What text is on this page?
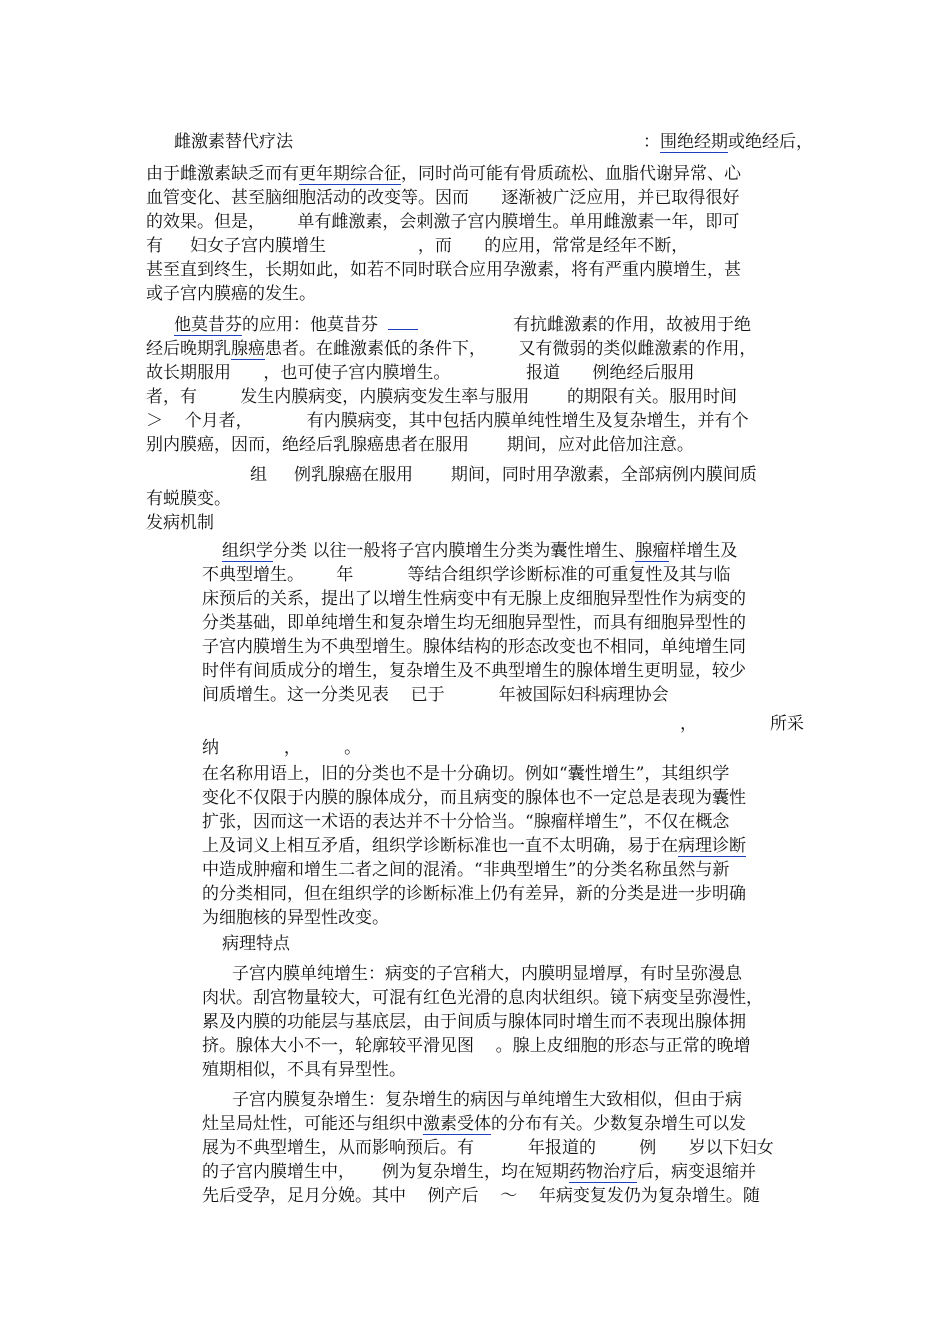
雌激素替代疗法	：围绝经期或绝经后，
由于雌激素缺乏而有更年期综合征，同时尚可能有骨质疏松、血脂代谢异常、心
血管变化、甚至脑细胞活动的改变等。因而      逐渐被广泛应用，并已取得很好
的效果。但是，      单有雌激素，会刺激子宫内膜增生。单用雌激素一年，即可
有     妇女子宫内膜增生                 ，而      的应用，常常是经年不断，
甚至直到终生，长期如此，如若不同时联合应用孕激素，将有严重内膜增生，甚
或子宫内膜癌的发生。
他莫昔芬的应用：他莫昔芬	有抗雌激素的作用，故被用于绝
经后晚期乳腺癌患者。在雌激素低的条件下，      又有微弱的类似雌激素的作用，
故长期服用      ，也可使子宫内膜增生。              报道      例绝经后服用
者，有        发生内膜病变，内膜病变发生率与服用       的期限有关。服用时间
＞    个月者，          有内膜病变，其中包括内膜单纯性增生及复杂增生，并有个
别内膜癌，因而，绝经后乳腺癌患者在服用       期间，应对此倍加注意。
组     例乳腺癌在服用       期间，同时用孕激素，全部病例内膜间质
有蜕膜变。
发病机制
组织学分类 以往一般将子宫内膜增生分类为囊性增生、腺瘤样增生及
不典型增生。      年          等结合组织学诊断标准的可重复性及其与临
床预后的关系，提出了以增生性病变中有无腺上皮细胞异型性作为病变的
分类基础，即单纯增生和复杂增生均无细胞异型性，而具有细胞异型性的
子宫内膜增生为不典型增生。腺体结构的形态改变也不相同，单纯增生同
时伴有间质成分的增生，复杂增生及不典型增生的腺体增生更明显，较少
间质增生。这一分类见表    已于          年被国际妇科病理协会
，	所采
纳            ，        。
在名称用语上，旧的分类也不是十分确切。例如“囊性增生”，其组织学
变化不仅限于内膜的腺体成分，而且病变的腺体也不一定总是表现为囊性
扩张，因而这一术语的表达并不十分恰当。“腺瘤样增生”，不仅在概念
上及词义上相互矛盾，组织学诊断标准也一直不太明确，易于在病理诊断
中造成肿瘤和增生二者之间的混淆。“非典型增生”的分类名称虽然与新
的分类相同，但在组织学的诊断标准上仍有差异，新的分类是进一步明确
为细胞核的异型性改变。
病理特点
子宫内膜单纯增生：病变的子宫稍大，内膜明显增厚，有时呈弥漫息
肉状。刮宫物量较大，可混有红色光滑的息肉状组织。镜下病变呈弥漫性，
累及内膜的功能层与基底层，由于间质与腺体同时增生而不表现出腺体拥
挤。腺体大小不一，轮廓较平滑见图    。腺上皮细胞的形态与正常的晚增
殖期相似，不具有异型性。
子宫内膜复杂增生：复杂增生的病因与单纯增生大致相似，但由于病
灶呈局灶性，可能还与组织中激素受体的分布有关。少数复杂增生可以发
展为不典型增生，从而影响预后。有          年报道的        例      岁以下妇女
的子宫内膜增生中，     例为复杂增生，均在短期药物治疗后，病变退缩并
先后受孕，足月分娩。其中    例产后    ～    年病变复发仍为复杂增生。随
